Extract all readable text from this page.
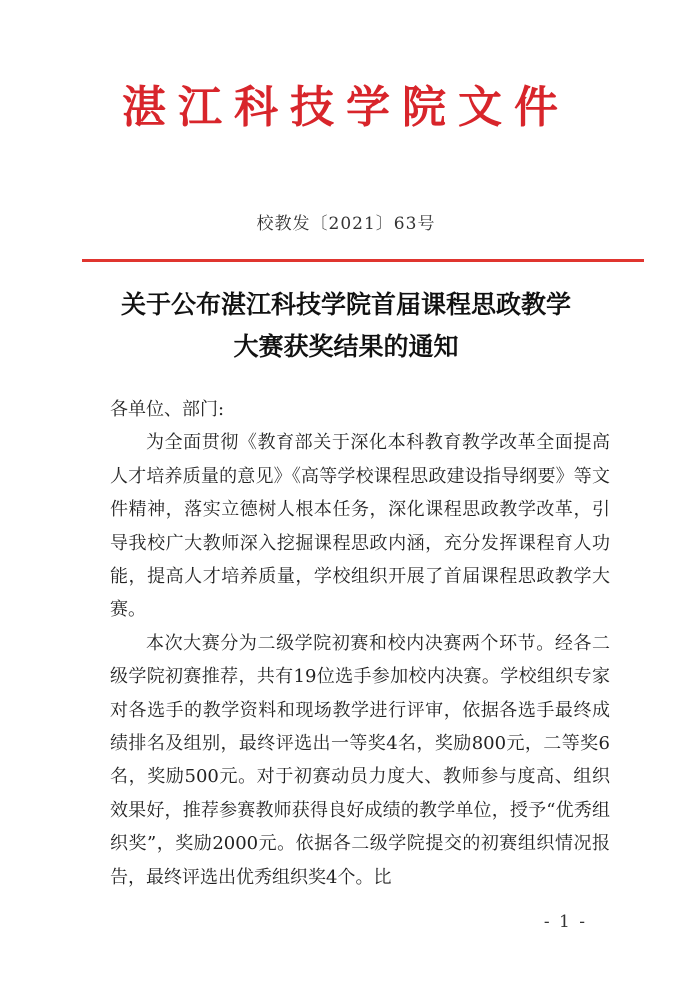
湛江科技学院文件
校教发〔2021〕63号
关于公布湛江科技学院首届课程思政教学
大赛获奖结果的通知

各单位、部门:

为全面贯彻《教育部关于深化本科教育教学改革全面提高人才培养质量的意见》《高等学校课程思政建设指导纲要》等文件精神，落实立德树人根本任务，深化课程思政教学改革，引导我校广大教师深入挖掘课程思政内涵，充分发挥课程育人功能，提高人才培养质量，学校组织开展了首届课程思政教学大赛。

本次大赛分为二级学院初赛和校内决赛两个环节。经各二级学院初赛推荐，共有19位选手参加校内决赛。学校组织专家对各选手的教学资料和现场教学进行评审，依据各选手最终成绩排名及组别，最终评选出一等奖4名，奖励800元，二等奖6名，奖励500元。对于初赛动员力度大、教师参与度高、组织效果好，推荐参赛教师获得良好成绩的教学单位，授予“优秀组织奖”，奖励2000元。依据各二级学院提交的初赛组织情况报告，最终评选出优秀组织奖4个。比

- 1 -
